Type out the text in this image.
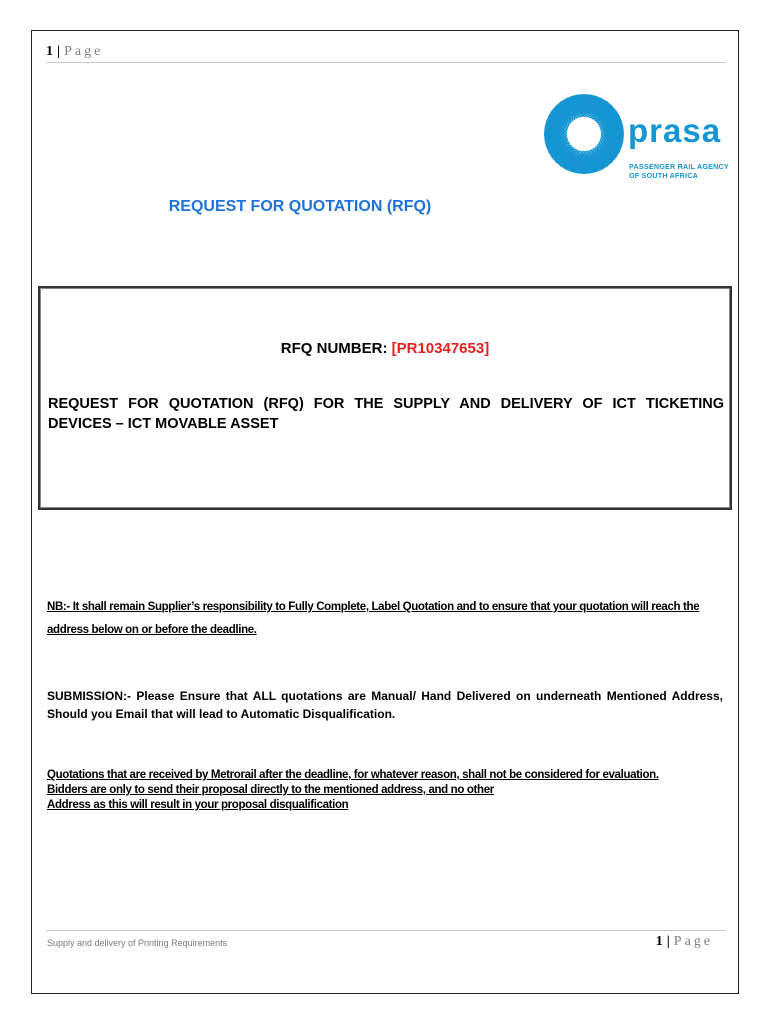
1 | Page
prasa
PASSENGER RAIL AGENCY
OF SOUTH AFRICA
REQUEST FOR QUOTATION (RFQ)
RFQ NUMBER: [PR10347653]

REQUEST FOR QUOTATION (RFQ) FOR THE SUPPLY AND DELIVERY OF ICT TICKETING DEVICES – ICT MOVABLE ASSET

NB:- It shall remain Supplier’s responsibility to Fully Complete, Label Quotation and to ensure that your quotation will reach the address below on or before the deadline.

SUBMISSION:- Please Ensure that ALL quotations are Manual/ Hand Delivered on underneath Mentioned Address, Should you Email that will lead to Automatic Disqualification.

Quotations that are received by Metrorail after the deadline, for whatever reason, shall not be considered for evaluation.
Bidders are only to send their proposal directly to the mentioned address, and no other
Address as this will result in your proposal disqualification
Supply and delivery of Printing Requirements	1 | Page
